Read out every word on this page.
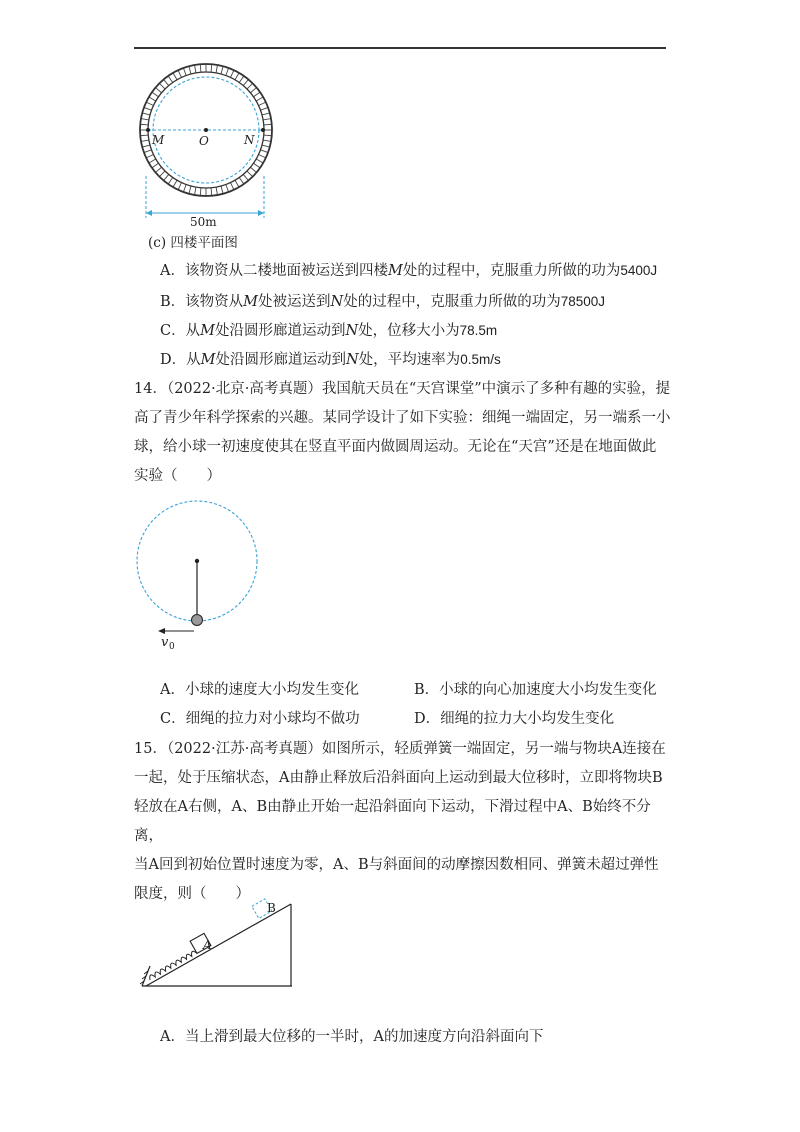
M	O	N
50m
(c) 四楼平面图
A．该物资从二楼地面被运送到四楼M处的过程中，克服重力所做的功为5400J
B．该物资从M处被运送到N处的过程中，克服重力所做的功为78500J
C．从M处沿圆形廊道运动到N处，位移大小为78.5m
D．从M处沿圆形廊道运动到N处，平均速率为0.5m/s
14．（2022·北京·高考真题）我国航天员在“天宫课堂”中演示了多种有趣的实验，提
高了青少年科学探索的兴趣。某同学设计了如下实验：细绳一端固定，另一端系一小
球，给小球一初速度使其在竖直平面内做圆周运动。无论在“天宫”还是在地面做此
实验（　　）
v 0
A．小球的速度大小均发生变化	B．小球的向心加速度大小均发生变化
C．细绳的拉力对小球均不做功	D．细绳的拉力大小均发生变化
15．（2022·江苏·高考真题）如图所示，轻质弹簧一端固定，另一端与物块A连接在
一起，处于压缩状态，A由静止释放后沿斜面向上运动到最大位移时，立即将物块B
轻放在A右侧，A、B由静止开始一起沿斜面向下运动，下滑过程中A、B始终不分离，
当A回到初始位置时速度为零，A、B与斜面间的动摩擦因数相同、弹簧未超过弹性
限度，则（　　）
A
B
A．当上滑到最大位移的一半时，A的加速度方向沿斜面向下
